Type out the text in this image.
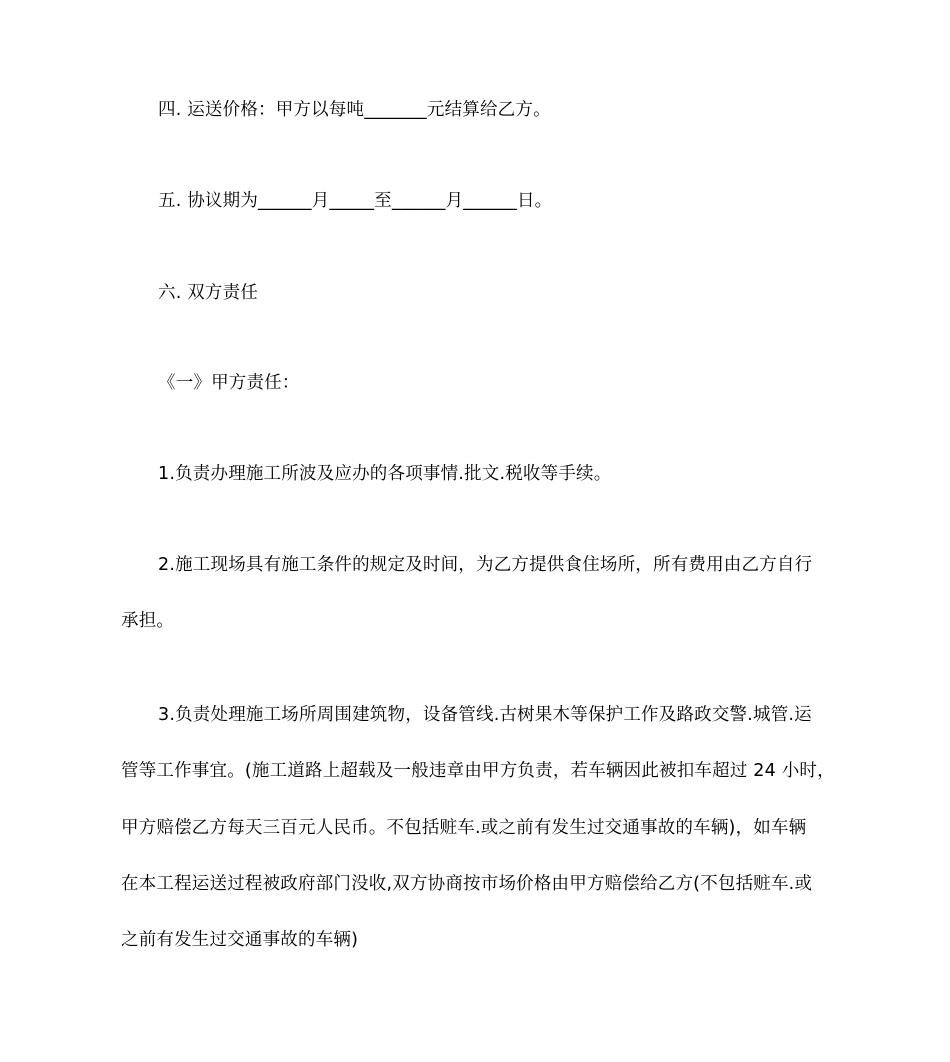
四. 运送价格：甲方以每吨_______元结算给乙方。
五. 协议期为______月_____至______月______日。
六. 双方责任
《一》甲方责任：
1.负责办理施工所波及应办的各项事情.批文.税收等手续。
2.施工现场具有施工条件的规定及时间，为乙方提供食住场所，所有费用由乙方自行
承担。
3.负责处理施工场所周围建筑物，设备管线.古树果木等保护工作及路政交警.城管.运
管等工作事宜。(施工道路上超载及一般违章由甲方负责，若车辆因此被扣车超过 24 小时，
甲方赔偿乙方每天三百元人民币。不包括赃车.或之前有发生过交通事故的车辆)，如车辆
在本工程运送过程被政府部门没收,双方协商按市场价格由甲方赔偿给乙方(不包括赃车.或
之前有发生过交通事故的车辆)
